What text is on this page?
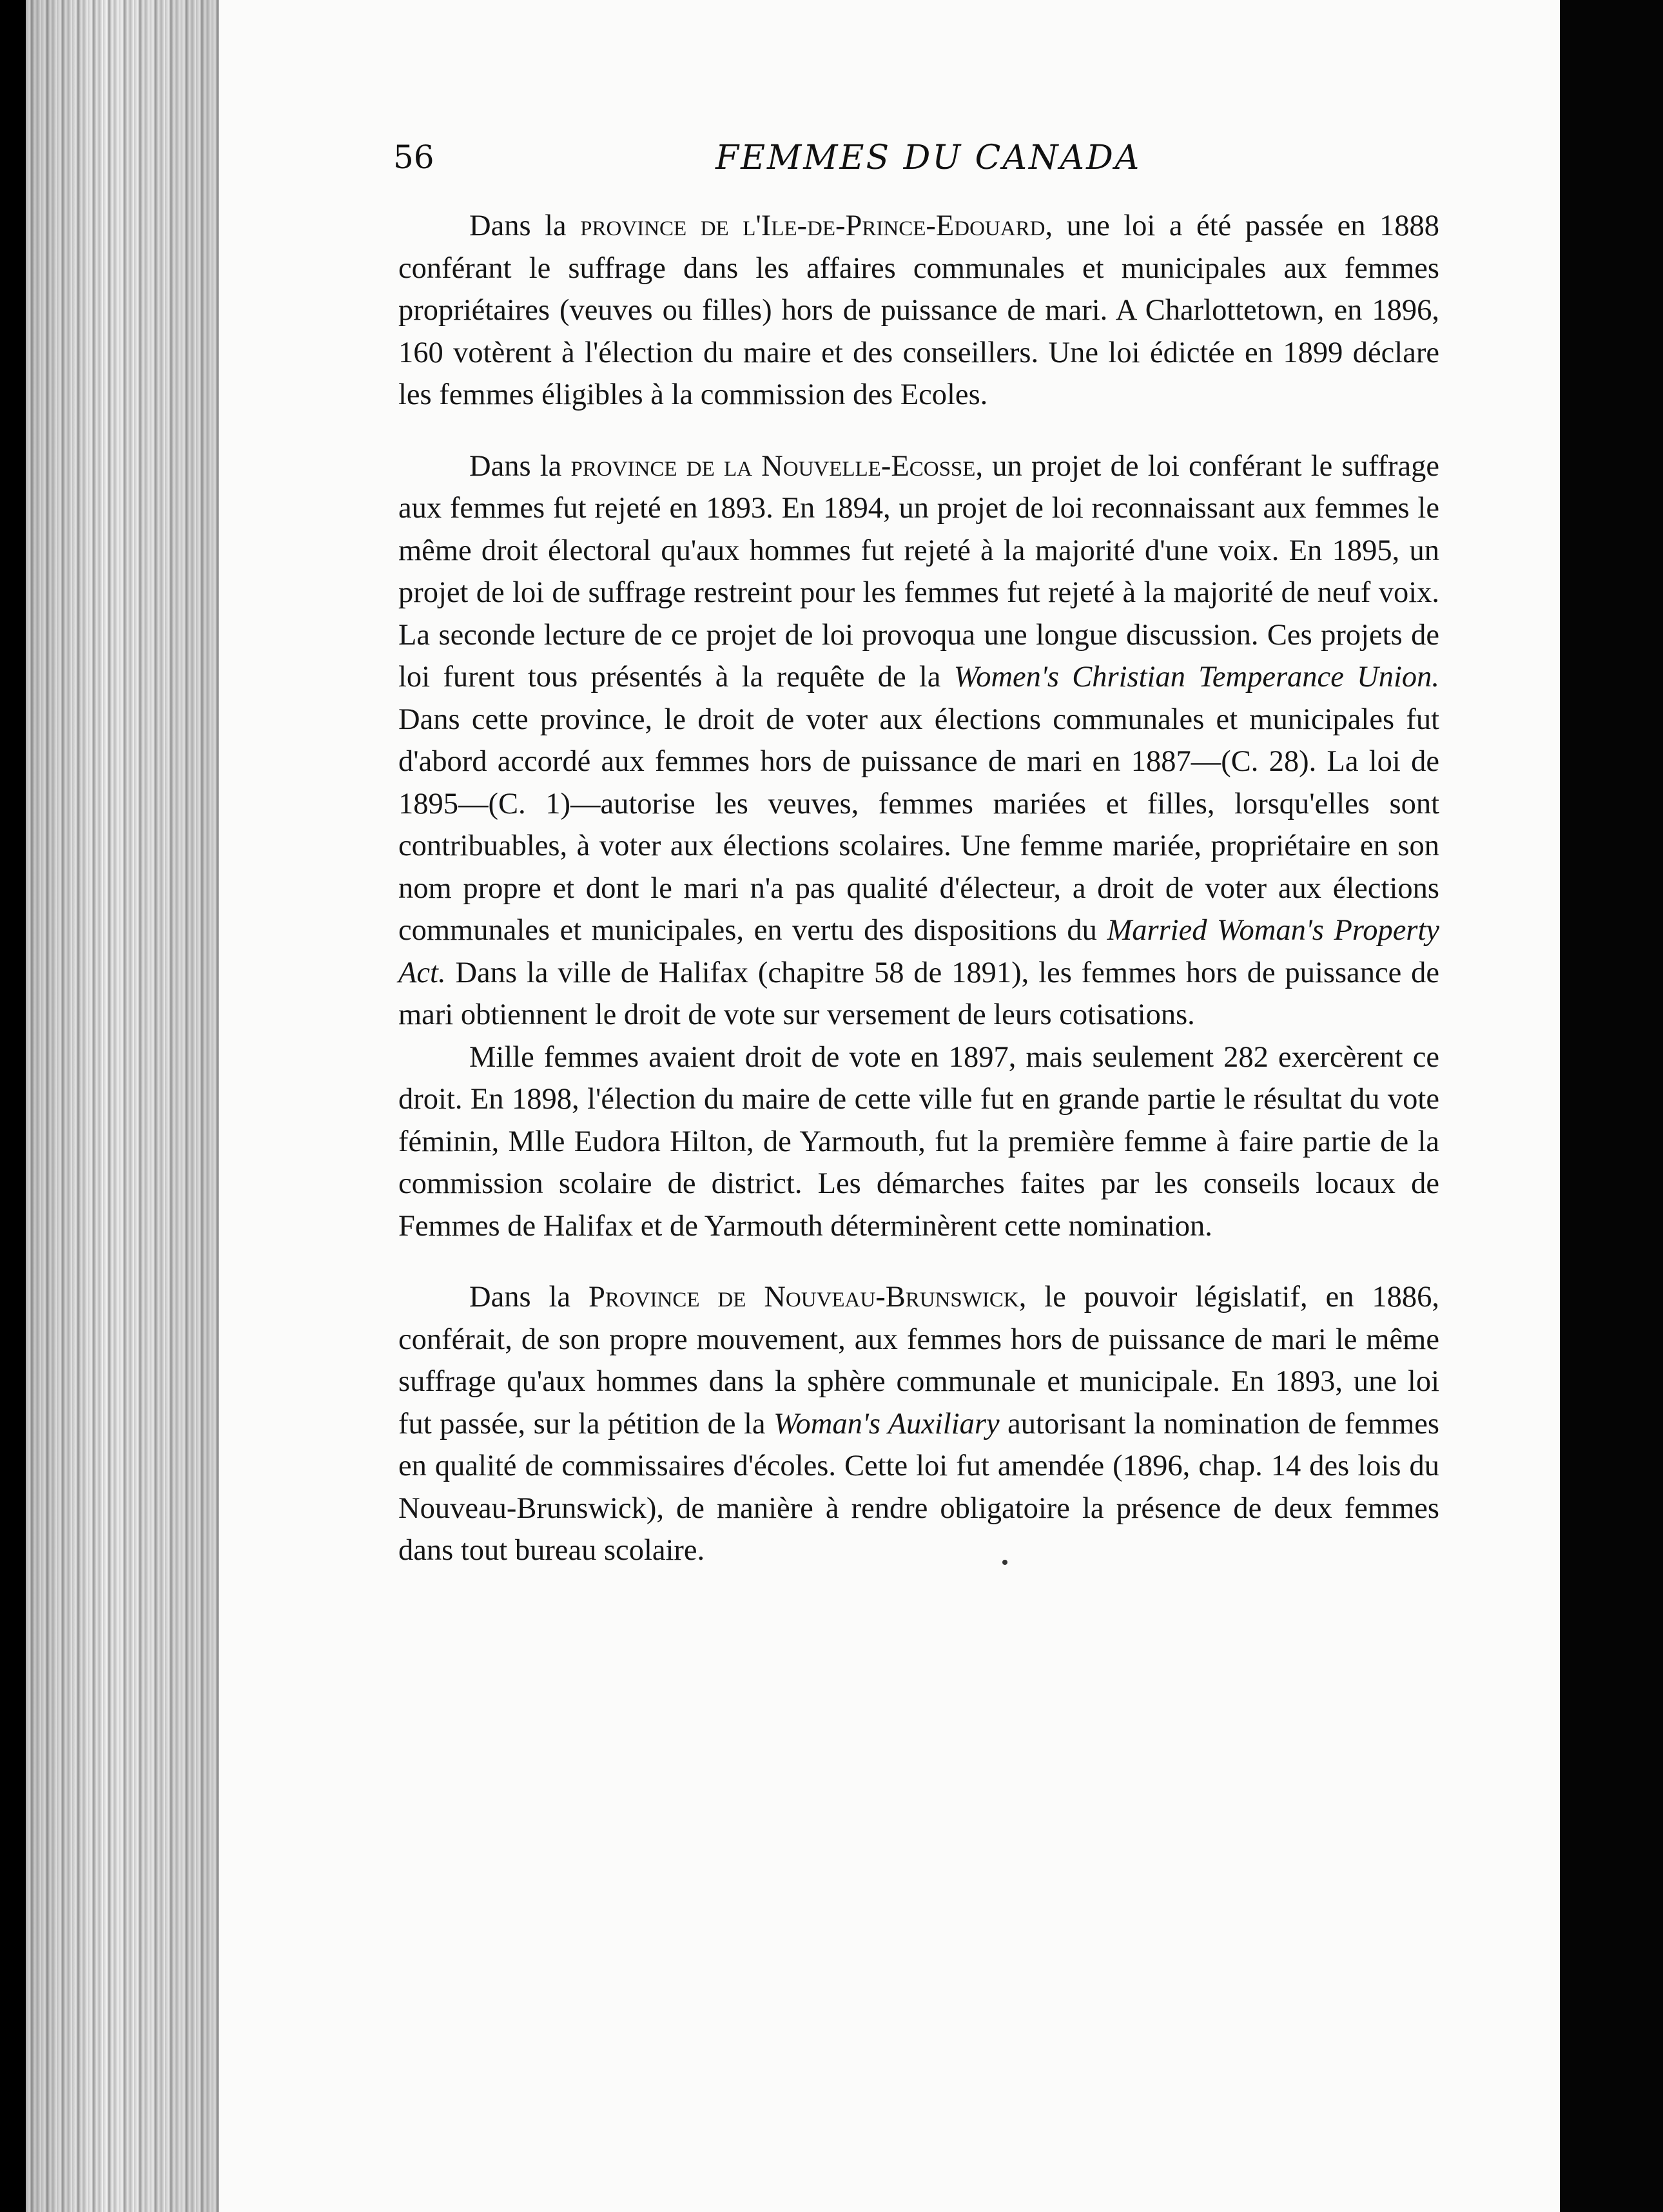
56	FEMMES DU CANADA

Dans la province de l'Ile-de-Prince-Edouard, une loi a été passée en 1888 conférant le suffrage dans les affaires communales et municipales aux femmes propriétaires (veuves ou filles) hors de puissance de mari. A Charlottetown, en 1896, 160 votèrent à l'élection du maire et des conseillers. Une loi édictée en 1899 déclare les femmes éligibles à la commission des Ecoles.

Dans la province de la Nouvelle-Ecosse, un projet de loi conférant le suffrage aux femmes fut rejeté en 1893. En 1894, un projet de loi reconnaissant aux femmes le même droit électoral qu'aux hommes fut rejeté à la majorité d'une voix. En 1895, un projet de loi de suffrage restreint pour les femmes fut rejeté à la majorité de neuf voix. La seconde lecture de ce projet de loi provoqua une longue discussion. Ces projets de loi furent tous présentés à la requête de la Women's Christian Temperance Union. Dans cette province, le droit de voter aux élections communales et municipales fut d'abord accordé aux femmes hors de puissance de mari en 1887—(C. 28). La loi de 1895—(C. 1)—autorise les veuves, femmes mariées et filles, lorsqu'elles sont contribuables, à voter aux élections scolaires. Une femme mariée, propriétaire en son nom propre et dont le mari n'a pas qualité d'électeur, a droit de voter aux élections communales et municipales, en vertu des dispositions du Married Woman's Property Act. Dans la ville de Halifax (chapitre 58 de 1891), les femmes hors de puissance de mari obtiennent le droit de vote sur versement de leurs cotisations.

Mille femmes avaient droit de vote en 1897, mais seulement 282 exercèrent ce droit. En 1898, l'élection du maire de cette ville fut en grande partie le résultat du vote féminin, Mlle Eudora Hilton, de Yarmouth, fut la première femme à faire partie de la commission scolaire de district. Les démarches faites par les conseils locaux de Femmes de Halifax et de Yarmouth déterminèrent cette nomination.

Dans la Province de Nouveau-Brunswick, le pouvoir législatif, en 1886, conférait, de son propre mouvement, aux femmes hors de puissance de mari le même suffrage qu'aux hommes dans la sphère communale et municipale. En 1893, une loi fut passée, sur la pétition de la Woman's Auxiliary autorisant la nomination de femmes en qualité de commissaires d'écoles. Cette loi fut amendée (1896, chap. 14 des lois du Nouveau-Brunswick), de manière à rendre obligatoire la présence de deux femmes dans tout bureau scolaire.
